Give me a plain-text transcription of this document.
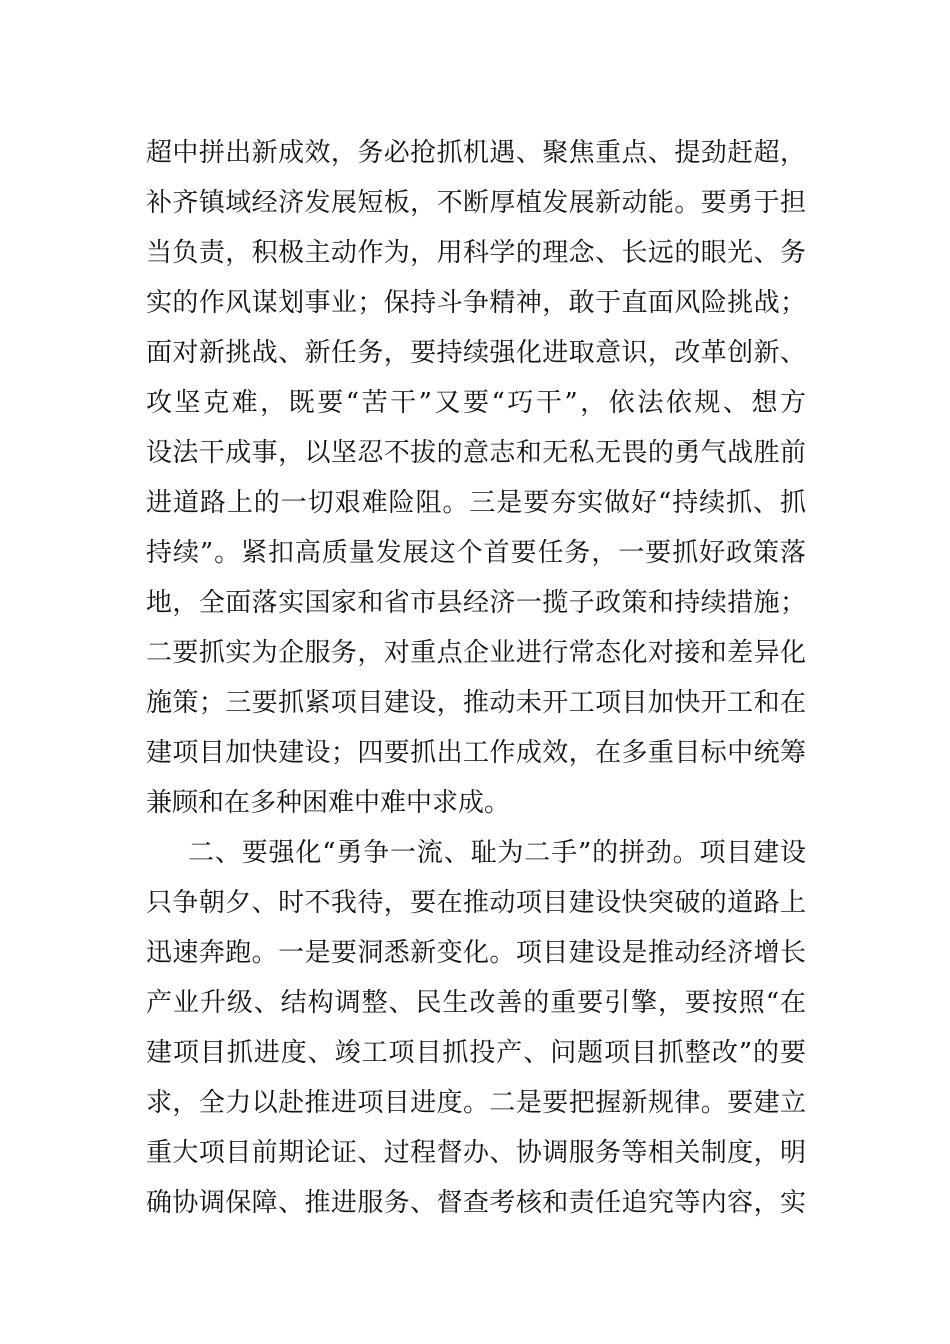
超中拼出新成效，务必抢抓机遇、聚焦重点、提劲赶超，
补齐镇域经济发展短板，不断厚植发展新动能。要勇于担
当负责，积极主动作为，用科学的理念、长远的眼光、务
实的作风谋划事业；保持斗争精神，敢于直面风险挑战；
面对新挑战、新任务，要持续强化进取意识，改革创新、
攻坚克难，既要“苦干”又要“巧干”，依法依规、想方
设法干成事，以坚忍不拔的意志和无私无畏的勇气战胜前
进道路上的一切艰难险阻。三是要夯实做好“持续抓、抓
持续”。紧扣高质量发展这个首要任务，一要抓好政策落
地，全面落实国家和省市县经济一揽子政策和持续措施；
二要抓实为企服务，对重点企业进行常态化对接和差异化
施策；三要抓紧项目建设，推动未开工项目加快开工和在
建项目加快建设；四要抓出工作成效，在多重目标中统筹
兼顾和在多种困难中难中求成。
二、要强化“勇争一流、耻为二手”的拼劲。项目建设
只争朝夕、时不我待，要在推动项目建设快突破的道路上
迅速奔跑。一是要洞悉新变化。项目建设是推动经济增长
产业升级、结构调整、民生改善的重要引擎，要按照“在
建项目抓进度、竣工项目抓投产、问题项目抓整改”的要
求，全力以赴推进项目进度。二是要把握新规律。要建立
重大项目前期论证、过程督办、协调服务等相关制度，明
确协调保障、推进服务、督查考核和责任追究等内容，实
